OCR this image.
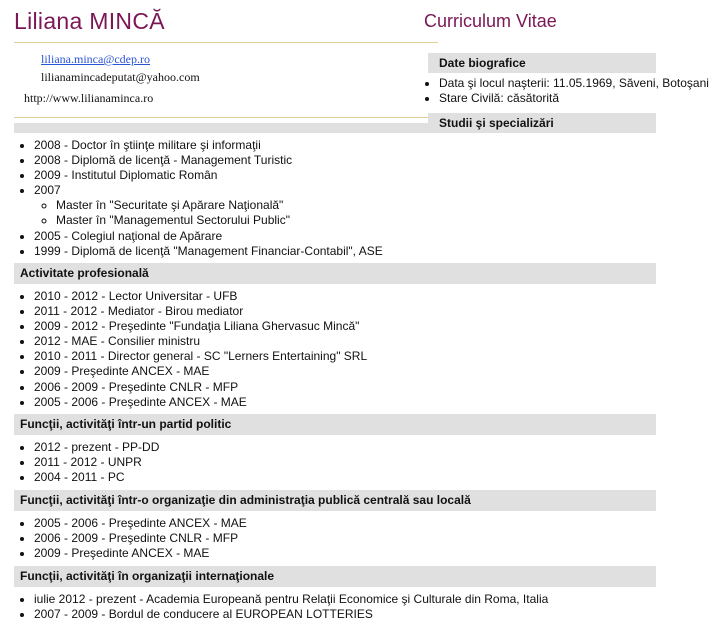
Liliana MINCĂ	Curriculum Vitae
liliana.minca@cdep.ro
lilianamincadeputat@yahoo.com
http://www.lilianaminca.ro
Date biografice
• Data şi locul naşterii: 11.05.1969, Săveni, Botoşani
• Stare Civilă: căsătorită
Studii şi specializări
• 2008 - Doctor în ştiinţe militare şi informaţii
• 2008 - Diplomă de licenţă - Management Turistic
• 2009 - Institutul Diplomatic Român
• 2007
◦ Master în "Securitate şi Apărare Naţională"
◦ Master în "Managementul Sectorului Public"
• 2005 - Colegiul naţional de Apărare
• 1999 - Diplomă de licenţă "Management Financiar-Contabil", ASE
Activitate profesională
• 2010 - 2012 - Lector Universitar - UFB
• 2011 - 2012 - Mediator - Birou mediator
• 2009 - 2012 - Preşedinte "Fundaţia Liliana Ghervasuc Mincă"
• 2012 - MAE - Consilier ministru
• 2010 - 2011 - Director general - SC "Lerners Entertaining" SRL
• 2009 - Preşedinte ANCEX - MAE
• 2006 - 2009 - Preşedinte CNLR - MFP
• 2005 - 2006 - Preşedinte ANCEX - MAE
Funcţii, activităţi într-un partid politic
• 2012 - prezent - PP-DD
• 2011 - 2012 - UNPR
• 2004 - 2011 - PC
Funcţii, activităţi într-o organizaţie din administraţia publică centrală sau locală
• 2005 - 2006 - Preşedinte ANCEX - MAE
• 2006 - 2009 - Preşedinte CNLR - MFP
• 2009 - Preşedinte ANCEX - MAE
Funcţii, activităţi în organizaţii internaţionale
• iulie 2012 - prezent - Academia Europeană pentru Relaţii Economice şi Culturale din Roma, Italia
• 2007 - 2009 - Bordul de conducere al EUROPEAN LOTTERIES
